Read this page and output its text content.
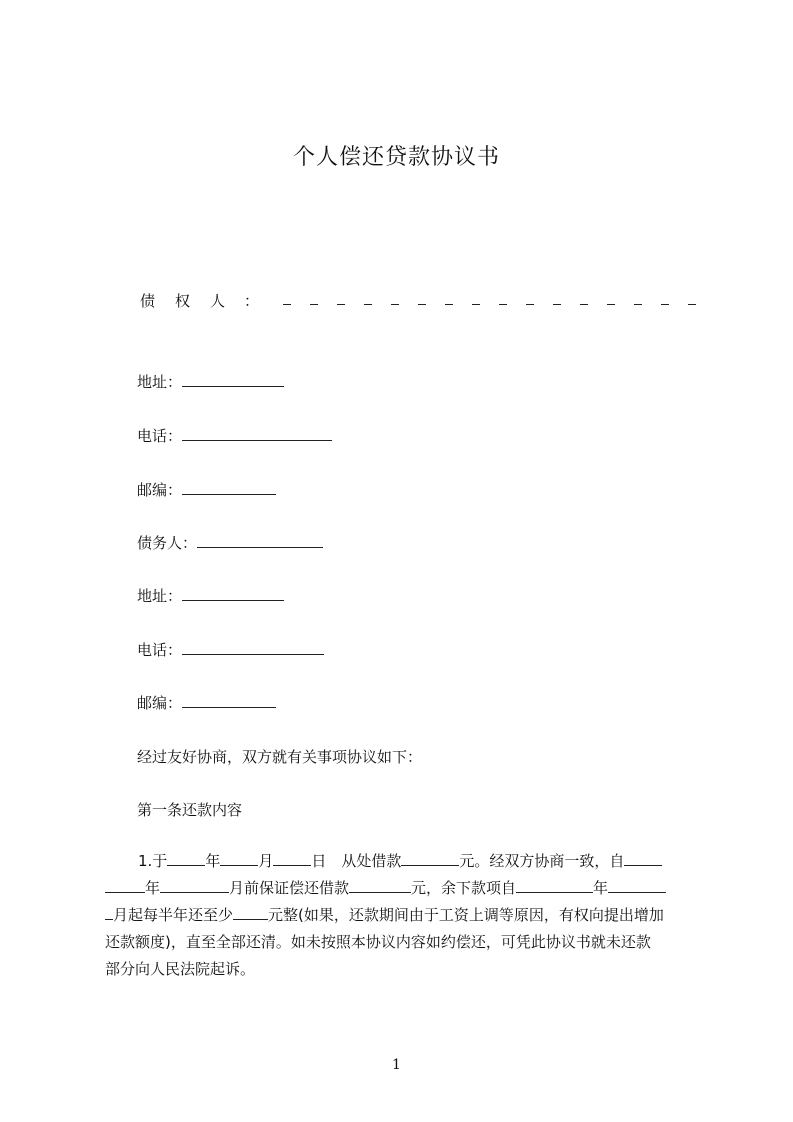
个人偿还贷款协议书
债 权 人 ：
地址：
电话：
邮编：
债务人：
地址：
电话：
邮编：
经过友好协商，双方就有关事项协议如下：
第一条还款内容
1.于	年	月	日　从处借款	元。经双方协商一致，自
年	月前保证偿还借款	元，余下款项自	年
月起每半年还至少 元整(如果，还款期间由于工资上调等原因，有权向提出增加
还款额度)，直至全部还清。如未按照本协议内容如约偿还，可凭此协议书就未还款
部分向人民法院起诉。
1
